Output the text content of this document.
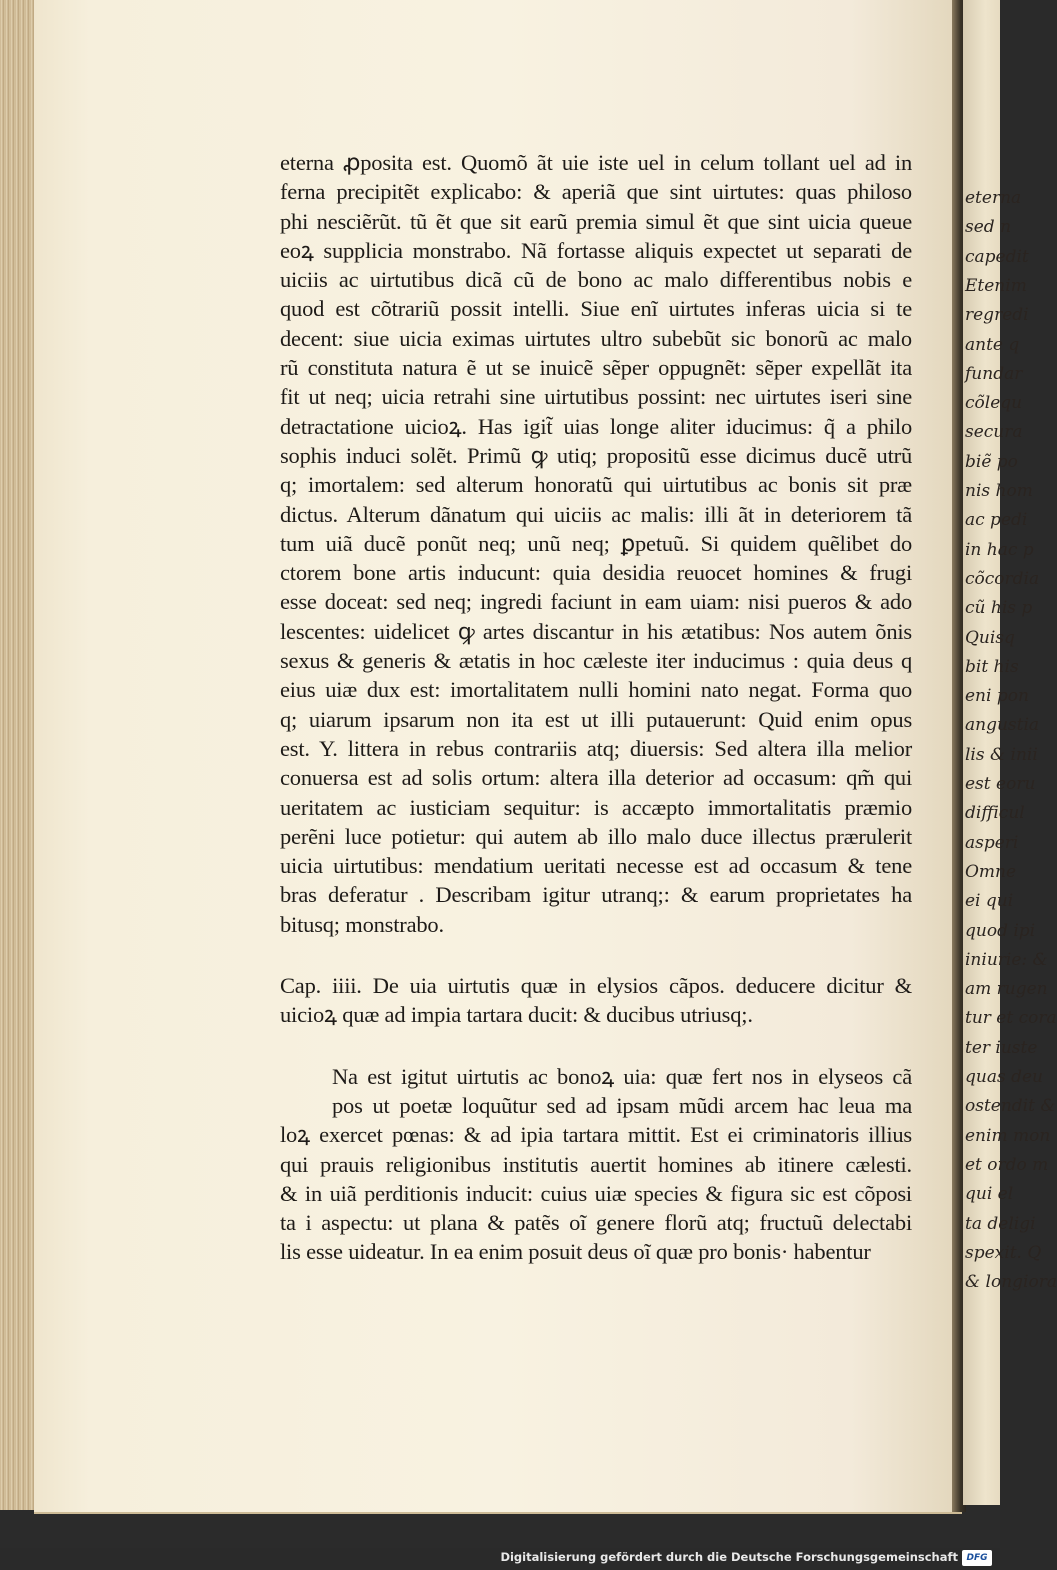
eterna
sed n
capedit
Etenim
regredi
ante q
fundar
cõlequ
secura
biẽ po
nis hom
ac pedi
in hac p
cõcordia
cũ his p
Quisq
bit his
eni pon
angustia
lis & inii
est eoru
difficul
asperi
Omne
ei qui
quod ipi
iniurie: &
am rugen
tur et cora
ter iuste
quas deu
ostendit &
enim mon
et ordo m
qui el
ta deligi
spexit. Q
& longiora
eterna ꝓposita est. Quomõ ãt uie iste uel in celum tollant uel ad in
ferna precipitẽt explicabo: & aperiã que sint uirtutes: quas philoso
phi nesciẽrũt. tũ ẽt que sit earũ premia simul ẽt que sint uicia queue
eoꝝ supplicia monstrabo. Nã fortasse aliquis expectet ut separati de
uiciis ac uirtutibus dicã cũ de bono ac malo differentibus nobis e
quod est cõtrariũ possit intelli. Siue enĩ uirtutes inferas uicia si te
decent: siue uicia eximas uirtutes ultro subebũt sic bonorũ ac malo
rũ constituta natura ẽ ut se inuicẽ sẽper oppugnẽt: sẽper expellãt ita
fit ut neq; uicia retrahi sine uirtutibus possint: nec uirtutes iseri sine
detractatione uicioꝝ. Has igit̃ uias longe aliter iducimus: q̃ a philo
sophis induci solẽt. Primũ ꝙ utiq; propositũ esse dicimus ducẽ utrũ
q; imortalem: sed alterum honoratũ qui uirtutibus ac bonis sit præ
dictus. Alterum dãnatum qui uiciis ac malis: illi ãt in deteriorem tã
tum uiã ducẽ ponũt neq; unũ neq; ꝑpetuũ. Si quidem quẽlibet do
ctorem bone artis inducunt: quia desidia reuocet homines & frugi
esse doceat: sed neq; ingredi faciunt in eam uiam: nisi pueros & ado
lescentes: uidelicet ꝙ artes discantur in his ætatibus: Nos autem õnis
sexus & generis & ætatis in hoc cæleste iter inducimus : quia deus q
eius uiæ dux est: imortalitatem nulli homini nato negat. Forma quo
q; uiarum ipsarum non ita est ut illi putauerunt: Quid enim opus
est. Y. littera in rebus contrariis atq; diuersis: Sed altera illa melior
conuersa est ad solis ortum: altera illa deterior ad occasum: qm̃ qui
ueritatem ac iusticiam sequitur: is accæpto immortalitatis præmio
perẽni luce potietur: qui autem ab illo malo duce illectus prærulerit
uicia uirtutibus: mendatium ueritati necesse est ad occasum & tene
bras deferatur . Describam igitur utranq;: & earum proprietates ha
bitusq; monstrabo.
Cap. iiii. De uia uirtutis quæ in elysios cãpos. deducere dicitur &
uicioꝝ quæ ad impia tartara ducit: & ducibus utriusq;.
Na est igitut uirtutis ac bonoꝝ uia: quæ fert nos in elyseos cã
pos ut poetæ loquũtur sed ad ipsam mũdi arcem hac leua ma
loꝝ exercet pœnas: & ad ipia tartara mittit. Est ei criminatoris illius
qui prauis religionibus institutis auertit homines ab itinere cælesti.
& in uiã perditionis inducit: cuius uiæ species & figura sic est cõposi
ta i aspectu: ut plana & patẽs oĩ genere florũ atq; fructuũ delectabi
lis esse uideatur. In ea enim posuit deus oĩ quæ pro bonis· habentur
Digitalisierung gefördert durch die Deutsche Forschungsgemeinschaft DFG
